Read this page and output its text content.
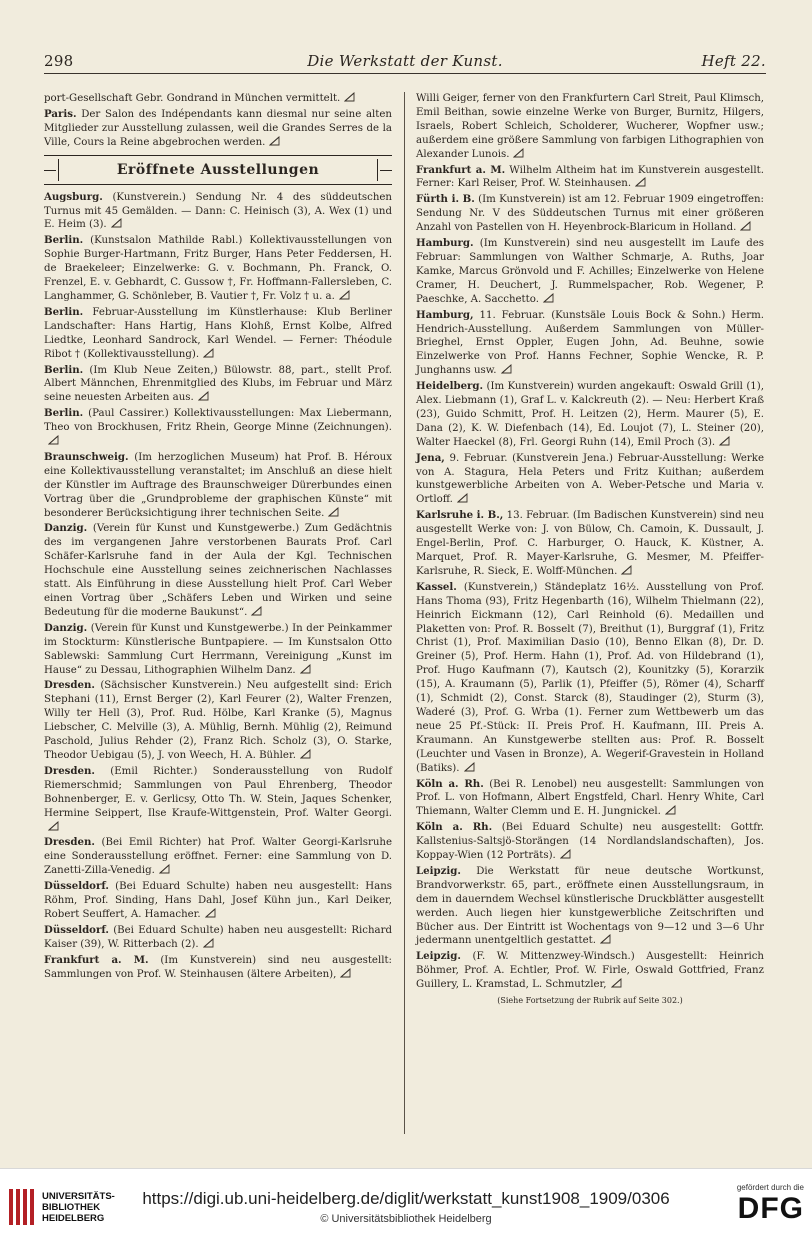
298	Die Werkstatt der Kunst.	Heft 22.

port-Gesellschaft Gebr. Gondrand in München vermittelt.

Paris. Der Salon des Indépendants kann diesmal nur seine alten Mitglieder zur Ausstellung zulassen, weil die Grandes Serres de la Ville, Cours la Reine abgebrochen werden.

Eröffnete Ausstellungen

Augsburg. (Kunstverein.) Sendung Nr. 4 des süddeutschen Turnus mit 45 Gemälden. — Dann: C. Heinisch (3), A. Wex (1) und E. Heim (3).

Berlin. (Kunstsalon Mathilde Rabl.) Kollektivausstellungen von Sophie Burger-Hartmann, Fritz Burger, Hans Peter Feddersen, H. de Braekeleer; Einzelwerke: G. v. Bochmann, Ph. Franck, O. Frenzel, E. v. Gebhardt, C. Gussow †, Fr. Hoffmann-Fallersleben, C. Langhammer, G. Schönleber, B. Vautier †, Fr. Volz † u. a.

Berlin. Februar-Ausstellung im Künstlerhause: Klub Berliner Landschafter: Hans Hartig, Hans Klohß, Ernst Kolbe, Alfred Liedtke, Leonhard Sandrock, Karl Wendel. — Ferner: Théodule Ribot † (Kollektivausstellung).

Berlin. (Im Klub Neue Zeiten,) Bülowstr. 88, part., stellt Prof. Albert Männchen, Ehrenmitglied des Klubs, im Februar und März seine neuesten Arbeiten aus.

Berlin. (Paul Cassirer.) Kollektivausstellungen: Max Liebermann, Theo von Brockhusen, Fritz Rhein, George Minne (Zeichnungen).

Braunschweig. (Im herzoglichen Museum) hat Prof. B. Héroux eine Kollektivausstellung veranstaltet; im Anschluß an diese hielt der Künstler im Auftrage des Braunschweiger Dürerbundes einen Vortrag über die „Grundprobleme der graphischen Künste“ mit besonderer Berücksichtigung ihrer technischen Seite.

Danzig. (Verein für Kunst und Kunstgewerbe.) Zum Gedächtnis des im vergangenen Jahre verstorbenen Baurats Prof. Carl Schäfer-Karlsruhe fand in der Aula der Kgl. Technischen Hochschule eine Ausstellung seines zeichnerischen Nachlasses statt. Als Einführung in diese Ausstellung hielt Prof. Carl Weber einen Vortrag über „Schäfers Leben und Wirken und seine Bedeutung für die moderne Baukunst“.

Danzig. (Verein für Kunst und Kunstgewerbe.) In der Peinkammer im Stockturm: Künstlerische Buntpapiere. — Im Kunstsalon Otto Sablewski: Sammlung Curt Herrmann, Vereinigung „Kunst im Hause“ zu Dessau, Lithographien Wilhelm Danz.

Dresden. (Sächsischer Kunstverein.) Neu aufgestellt sind: Erich Stephani (11), Ernst Berger (2), Karl Feurer (2), Walter Frenzen, Willy ter Hell (3), Prof. Rud. Hölbe, Karl Kranke (5), Magnus Liebscher, C. Melville (3), A. Mühlig, Bernh. Mühlig (2), Reimund Paschold, Julius Rehder (2), Franz Rich. Scholz (3), O. Starke, Theodor Uebigau (5), J. von Weech, H. A. Bühler.

Dresden. (Emil Richter.) Sonderausstellung von Rudolf Riemerschmid; Sammlungen von Paul Ehrenberg, Theodor Bohnenberger, E. v. Gerlicsy, Otto Th. W. Stein, Jaques Schenker, Hermine Seippert, Ilse Kraufe-Wittgenstein, Prof. Walter Georgi.

Dresden. (Bei Emil Richter) hat Prof. Walter Georgi-Karlsruhe eine Sonderausstellung eröffnet. Ferner: eine Sammlung von D. Zanetti-Zilla-Venedig.

Düsseldorf. (Bei Eduard Schulte) haben neu ausgestellt: Hans Röhm, Prof. Sinding, Hans Dahl, Josef Kühn jun., Karl Deiker, Robert Seuffert, A. Hamacher.

Düsseldorf. (Bei Eduard Schulte) haben neu ausgestellt: Richard Kaiser (39), W. Ritterbach (2).

Frankfurt a. M. (Im Kunstverein) sind neu ausgestellt: Sammlungen von Prof. W. Steinhausen (ältere Arbeiten),

Willi Geiger, ferner von den Frankfurtern Carl Streit, Paul Klimsch, Emil Beithan, sowie einzelne Werke von Burger, Burnitz, Hilgers, Israels, Robert Schleich, Scholderer, Wucherer, Wopfner usw.; außerdem eine größere Sammlung von farbigen Lithographien von Alexander Lunois.

Frankfurt a. M. Wilhelm Altheim hat im Kunstverein ausgestellt. Ferner: Karl Reiser, Prof. W. Steinhausen.

Fürth i. B. (Im Kunstverein) ist am 12. Februar 1909 eingetroffen: Sendung Nr. V des Süddeutschen Turnus mit einer größeren Anzahl von Pastellen von H. Heyenbrock-Blaricum in Holland.

Hamburg. (Im Kunstverein) sind neu ausgestellt im Laufe des Februar: Sammlungen von Walther Schmarje, A. Ruths, Joar Kamke, Marcus Grönvold und F. Achilles; Einzelwerke von Helene Cramer, H. Deuchert, J. Rummelspacher, Rob. Wegener, P. Paeschke, A. Sacchetto.

Hamburg, 11. Februar. (Kunstsäle Louis Bock & Sohn.) Herm. Hendrich-Ausstellung. Außerdem Sammlungen von Müller-Brieghel, Ernst Oppler, Eugen John, Ad. Beuhne, sowie Einzelwerke von Prof. Hanns Fechner, Sophie Wencke, R. P. Junghanns usw.

Heidelberg. (Im Kunstverein) wurden angekauft: Oswald Grill (1), Alex. Liebmann (1), Graf L. v. Kalckreuth (2). — Neu: Herbert Kraß (23), Guido Schmitt, Prof. H. Leitzen (2), Herm. Maurer (5), E. Dana (2), K. W. Diefenbach (14), Ed. Loujot (7), L. Steiner (20), Walter Haeckel (8), Frl. Georgi Ruhn (14), Emil Proch (3).

Jena, 9. Februar. (Kunstverein Jena.) Februar-Ausstellung: Werke von A. Stagura, Hela Peters und Fritz Kuithan; außerdem kunstgewerbliche Arbeiten von A. Weber-Petsche und Maria v. Ortloff.

Karlsruhe i. B., 13. Februar. (Im Badischen Kunstverein) sind neu ausgestellt Werke von: J. von Bülow, Ch. Camoin, K. Dussault, J. Engel-Berlin, Prof. C. Harburger, O. Hauck, K. Küstner, A. Marquet, Prof. R. Mayer-Karlsruhe, G. Mesmer, M. Pfeiffer-Karlsruhe, R. Sieck, E. Wolff-München.

Kassel. (Kunstverein,) Ständeplatz 16½. Ausstellung von Prof. Hans Thoma (93), Fritz Hegenbarth (16), Wilhelm Thielmann (22), Heinrich Eickmann (12), Carl Reinhold (6). Medaillen und Plaketten von: Prof. R. Bosselt (7), Breithut (1), Burggraf (1), Fritz Christ (1), Prof. Maximilian Dasio (10), Benno Elkan (8), Dr. D. Greiner (5), Prof. Herm. Hahn (1), Prof. Ad. von Hildebrand (1), Prof. Hugo Kaufmann (7), Kautsch (2), Kounitzky (5), Korarzik (15), A. Kraumann (5), Parlik (1), Pfeiffer (5), Römer (4), Scharff (1), Schmidt (2), Const. Starck (8), Staudinger (2), Sturm (3), Waderé (3), Prof. G. Wrba (1). Ferner zum Wettbewerb um das neue 25 Pf.-Stück: II. Preis Prof. H. Kaufmann, III. Preis A. Kraumann. An Kunstgewerbe stellten aus: Prof. R. Bosselt (Leuchter und Vasen in Bronze), A. Wegerif-Gravestein in Holland (Batiks).

Köln a. Rh. (Bei R. Lenobel) neu ausgestellt: Sammlungen von Prof. L. von Hofmann, Albert Engstfeld, Charl. Henry White, Carl Thiemann, Walter Clemm und E. H. Jungnickel.

Köln a. Rh. (Bei Eduard Schulte) neu ausgestellt: Gottfr. Kallstenius-Saltsjö-Storängen (14 Nordlandslandschaften), Jos. Koppay-Wien (12 Porträts).

Leipzig. Die Werkstatt für neue deutsche Wortkunst, Brandvorwerkstr. 65, part., eröffnete einen Ausstellungsraum, in dem in dauerndem Wechsel künstlerische Druckblätter ausgestellt werden. Auch liegen hier kunstgewerbliche Zeitschriften und Bücher aus. Der Eintritt ist Wochentags von 9—12 und 3—6 Uhr jedermann unentgeltlich gestattet.

Leipzig. (F. W. Mittenzwey-Windsch.) Ausgestellt: Heinrich Böhmer, Prof. A. Echtler, Prof. W. Firle, Oswald Gottfried, Franz Guillery, L. Kramstad, L. Schmutzler,

(Siehe Fortsetzung der Rubrik auf Seite 302.)
UNIVERSITÄTS-BIBLIOTHEK HEIDELBERG
https://digi.ub.uni-heidelberg.de/diglit/werkstatt_kunst1908_1909/0306
© Universitätsbibliothek Heidelberg
gefördert durch die
DFG
